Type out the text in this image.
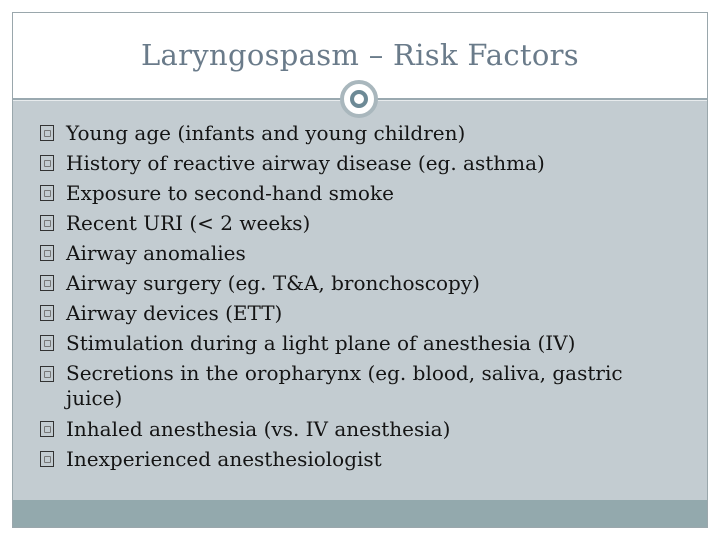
Laryngospasm – Risk Factors
Young age (infants and young children)
History of reactive airway disease (eg. asthma)
Exposure to second-hand smoke
Recent URI (< 2 weeks)
Airway anomalies
Airway surgery (eg. T&A, bronchoscopy)
Airway devices (ETT)
Stimulation during a light plane of anesthesia (IV)
Secretions in the oropharynx (eg. blood, saliva, gastric juice)
Inhaled anesthesia (vs. IV anesthesia)
Inexperienced anesthesiologist
